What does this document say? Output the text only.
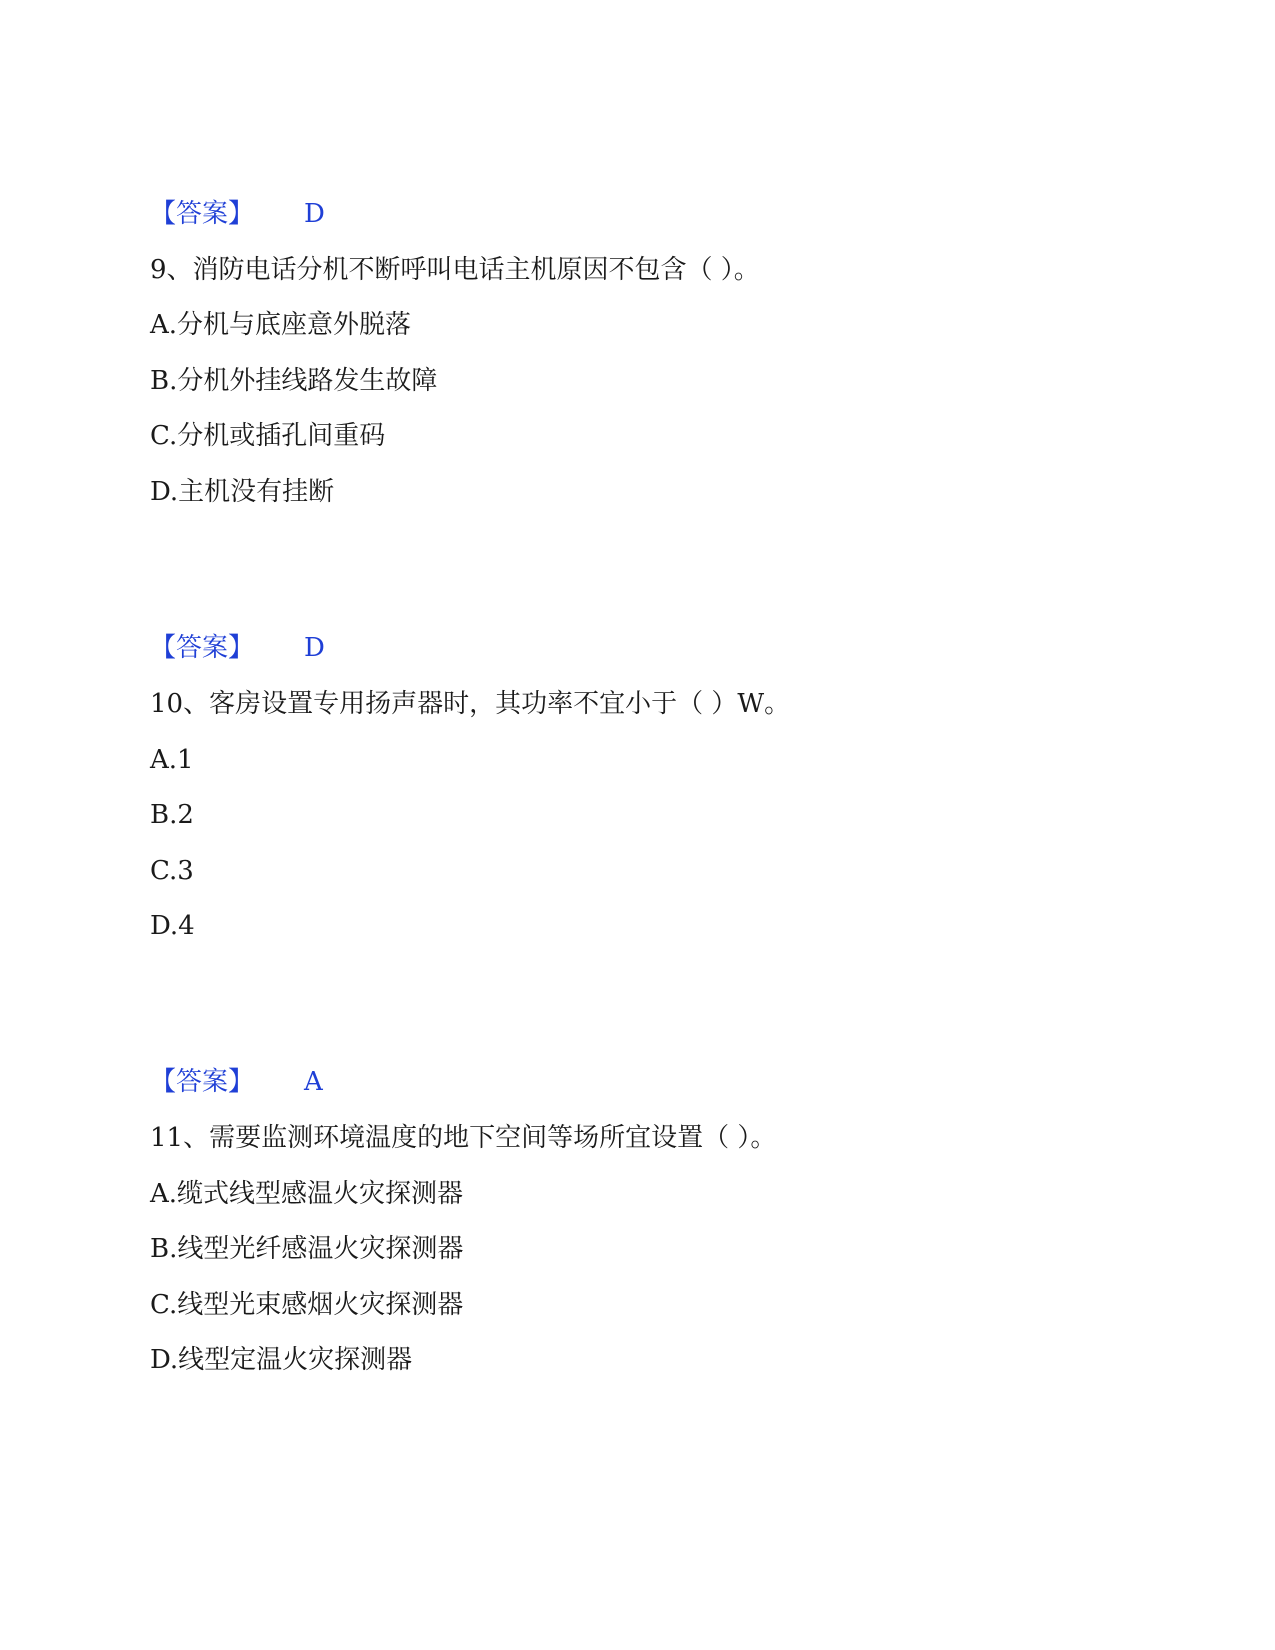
【答案】 D
9、消防电话分机不断呼叫电话主机原因不包含（ ）。
A.分机与底座意外脱落
B.分机外挂线路发生故障
C.分机或插孔间重码
D.主机没有挂断
【答案】 D
10、客房设置专用扬声器时，其功率不宜小于（ ）W。
A.1
B.2
C.3
D.4
【答案】 A
11、需要监测环境温度的地下空间等场所宜设置（ ）。
A.缆式线型感温火灾探测器
B.线型光纤感温火灾探测器
C.线型光束感烟火灾探测器
D.线型定温火灾探测器
